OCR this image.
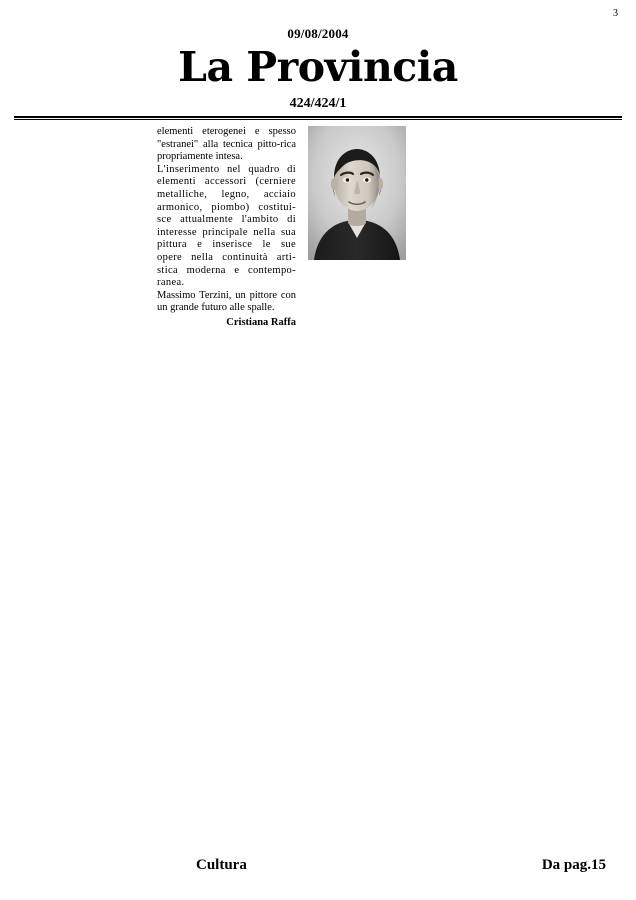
3
09/08/2004
La Provincia
424/424/1

elementi eterogenei e spesso "estranei" alla tecnica pitto-rica propriamente intesa.

L'inserimento nel quadro di elementi accessori (cerniere metalliche, legno, acciaio armonico, piombo) costitui-sce attualmente l'ambito di interesse principale nella sua pittura e inserisce le sue opere nella continuità arti-stica moderna e contempo-ranea.

Massimo Terzini, un pittore con un grande futuro alle spalle.

Cristiana Raffa
Cultura	Da pag.15
